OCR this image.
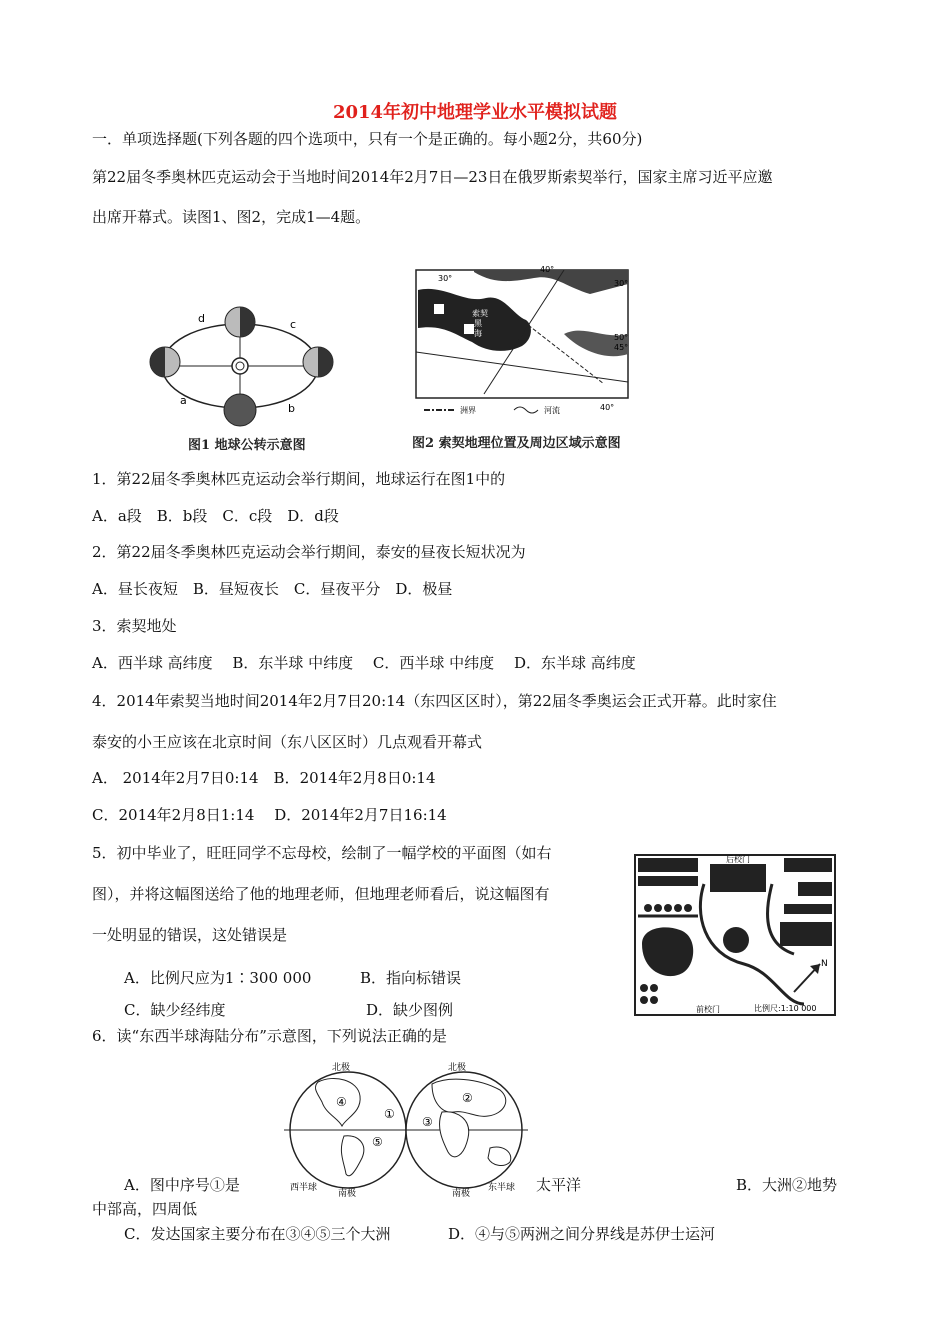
2014年初中地理学业水平模拟试题
一．单项选择题(下列各题的四个选项中，只有一个是正确的。每小题2分，共60分)
第22届冬季奥林匹克运动会于当地时间2014年2月7日—23日在俄罗斯索契举行，国家主席习近平应邀
出席开幕式。读图1、图2，完成1—4题。
d	c
a
b
图1 地球公转示意图
30°
40°
30°
50°
45°
40°
索契
黑
海
洲界	河流
图2 索契地理位置及周边区域示意图
1．第22届冬季奥林匹克运动会举行期间，地球运行在图1中的
A．a段　B．b段　C．c段　D．d段
2．第22届冬季奥林匹克运动会举行期间，泰安的昼夜长短状况为
A．昼长夜短　B．昼短夜长　C．昼夜平分　D．极昼
3．索契地处
A．西半球 高纬度　 B．东半球 中纬度　 C．西半球 中纬度　 D．东半球 高纬度
4．2014年索契当地时间2014年2月7日20:14（东四区区时），第22届冬季奥运会正式开幕。此时家住
泰安的小王应该在北京时间（东八区区时）几点观看开幕式
A． 2014年2月7日0:14　B．2014年2月8日0:14
C．2014年2月8日1:14　 D．2014年2月7日16:14
5．初中毕业了，旺旺同学不忘母校，绘制了一幅学校的平面图（如右
图），并将这幅图送给了他的地理老师，但地理老师看后，说这幅图有
一处明显的错误，这处错误是
A．比例尺应为1∶300 000	B．指向标错误
C．缺少经纬度	D．缺少图例
N
后校门
前校门	比例尺:1:10 000
6．读“东西半球海陆分布”示意图，下列说法正确的是
北极	北极
南极	南极
西半球	东半球
④
①
②
③
⑤
A．图中序号①是	太平洋	B．大洲②地势
中部高，四周低
C．发达国家主要分布在③④⑤三个大洲	D．④与⑤两洲之间分界线是苏伊士运河
